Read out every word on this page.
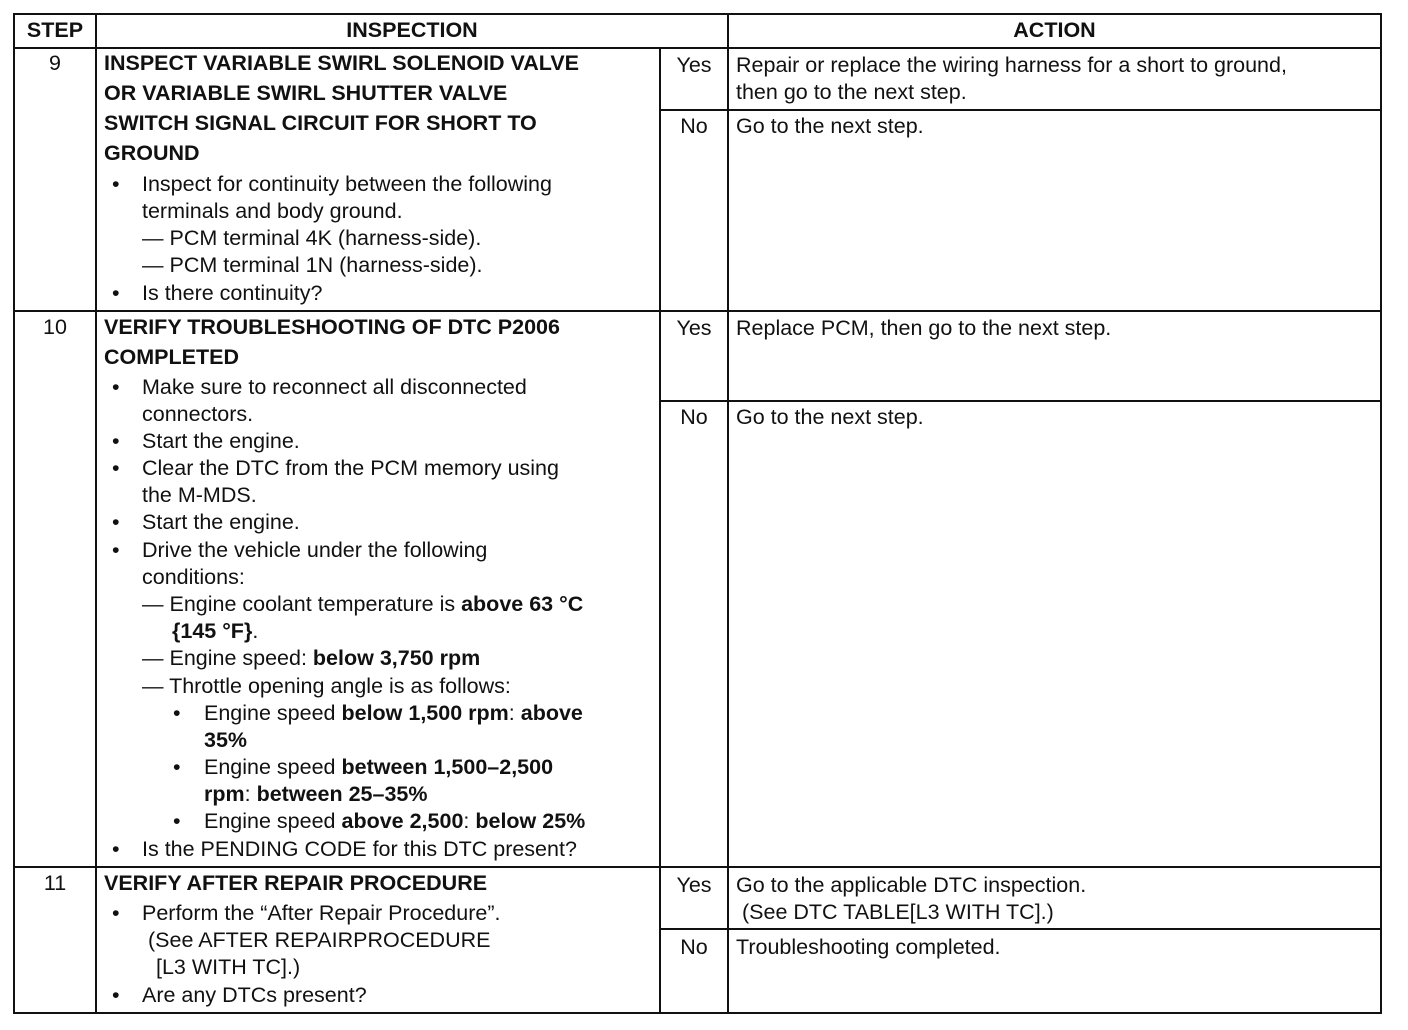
STEP	INSPECTION	ACTION
9	INSPECT VARIABLE SWIRL SOLENOID VALVE
OR VARIABLE SWIRL SHUTTER VALVE
SWITCH SIGNAL CIRCUIT FOR SHORT TO
GROUND
• Inspect for continuity between the following
terminals and body ground.
— PCM terminal 4K (harness-side).
— PCM terminal 1N (harness-side).
• Is there continuity?
Yes	Repair or replace the wiring harness for a short to ground,
then go to the next step.
No	Go to the next step.
10	VERIFY TROUBLESHOOTING OF DTC P2006
COMPLETED
• Make sure to reconnect all disconnected
connectors.
• Start the engine.
• Clear the DTC from the PCM memory using
the M-MDS.
• Start the engine.
• Drive the vehicle under the following
conditions:
— Engine coolant temperature is above 63 °C
{145 °F}.
— Engine speed: below 3,750 rpm
— Throttle opening angle is as follows:
• Engine speed below 1,500 rpm: above
35%
• Engine speed between 1,500–2,500
rpm: between 25–35%
• Engine speed above 2,500: below 25%
• Is the PENDING CODE for this DTC present?
Yes	Replace PCM, then go to the next step.
No	Go to the next step.
11	VERIFY AFTER REPAIR PROCEDURE
• Perform the “After Repair Procedure”.
(See AFTER REPAIRPROCEDURE
[L3 WITH TC].)
• Are any DTCs present?
Yes	Go to the applicable DTC inspection.
(See DTC TABLE[L3 WITH TC].)
No	Troubleshooting completed.
